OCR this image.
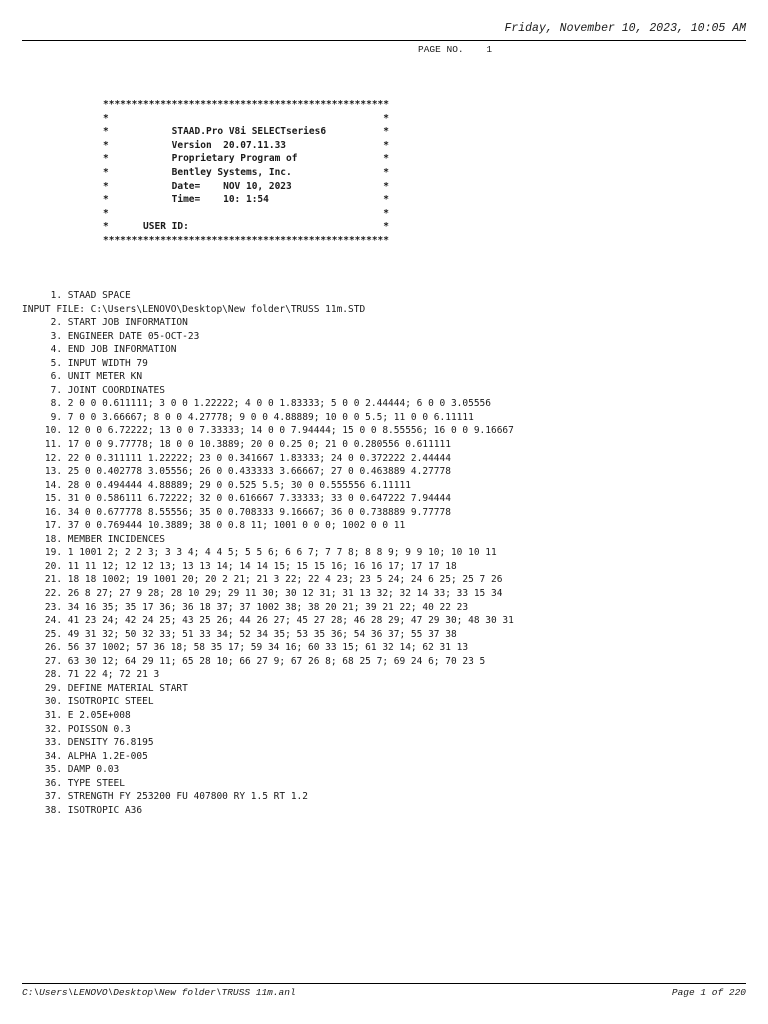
Friday, November 10, 2023, 10:05 AM
PAGE NO.    1
**************************************************
*                                                *
*           STAAD.Pro V8i SELECTseries6          *
*           Version  20.07.11.33                 *
*           Proprietary Program of               *
*           Bentley Systems, Inc.                *
*           Date=    NOV 10, 2023                *
*           Time=    10: 1:54                    *
*                                                *
*      USER ID:                                  *
**************************************************
1. STAAD SPACE
INPUT FILE: C:\Users\LENOVO\Desktop\New folder\TRUSS 11m.STD
2. START JOB INFORMATION
3. ENGINEER DATE 05-OCT-23
4. END JOB INFORMATION
5. INPUT WIDTH 79
6. UNIT METER KN
7. JOINT COORDINATES
8. 2 0 0 0.611111; 3 0 0 1.22222; 4 0 0 1.83333; 5 0 0 2.44444; 6 0 0 3.05556
9. 7 0 0 3.66667; 8 0 0 4.27778; 9 0 0 4.88889; 10 0 0 5.5; 11 0 0 6.11111
10. 12 0 0 6.72222; 13 0 0 7.33333; 14 0 0 7.94444; 15 0 0 8.55556; 16 0 0 9.16667
11. 17 0 0 9.77778; 18 0 0 10.3889; 20 0 0.25 0; 21 0 0.280556 0.611111
12. 22 0 0.311111 1.22222; 23 0 0.341667 1.83333; 24 0 0.372222 2.44444
13. 25 0 0.402778 3.05556; 26 0 0.433333 3.66667; 27 0 0.463889 4.27778
14. 28 0 0.494444 4.88889; 29 0 0.525 5.5; 30 0 0.555556 6.11111
15. 31 0 0.586111 6.72222; 32 0 0.616667 7.33333; 33 0 0.647222 7.94444
16. 34 0 0.677778 8.55556; 35 0 0.708333 9.16667; 36 0 0.738889 9.77778
17. 37 0 0.769444 10.3889; 38 0 0.8 11; 1001 0 0 0; 1002 0 0 11
18. MEMBER INCIDENCES
19. 1 1001 2; 2 2 3; 3 3 4; 4 4 5; 5 5 6; 6 6 7; 7 7 8; 8 8 9; 9 9 10; 10 10 11
20. 11 11 12; 12 12 13; 13 13 14; 14 14 15; 15 15 16; 16 16 17; 17 17 18
21. 18 18 1002; 19 1001 20; 20 2 21; 21 3 22; 22 4 23; 23 5 24; 24 6 25; 25 7 26
22. 26 8 27; 27 9 28; 28 10 29; 29 11 30; 30 12 31; 31 13 32; 32 14 33; 33 15 34
23. 34 16 35; 35 17 36; 36 18 37; 37 1002 38; 38 20 21; 39 21 22; 40 22 23
24. 41 23 24; 42 24 25; 43 25 26; 44 26 27; 45 27 28; 46 28 29; 47 29 30; 48 30 31
25. 49 31 32; 50 32 33; 51 33 34; 52 34 35; 53 35 36; 54 36 37; 55 37 38
26. 56 37 1002; 57 36 18; 58 35 17; 59 34 16; 60 33 15; 61 32 14; 62 31 13
27. 63 30 12; 64 29 11; 65 28 10; 66 27 9; 67 26 8; 68 25 7; 69 24 6; 70 23 5
28. 71 22 4; 72 21 3
29. DEFINE MATERIAL START
30. ISOTROPIC STEEL
31. E 2.05E+008
32. POISSON 0.3
33. DENSITY 76.8195
34. ALPHA 1.2E-005
35. DAMP 0.03
36. TYPE STEEL
37. STRENGTH FY 253200 FU 407800 RY 1.5 RT 1.2
38. ISOTROPIC A36
C:\Users\LENOVO\Desktop\New folder\TRUSS 11m.anl	Page 1 of 220
